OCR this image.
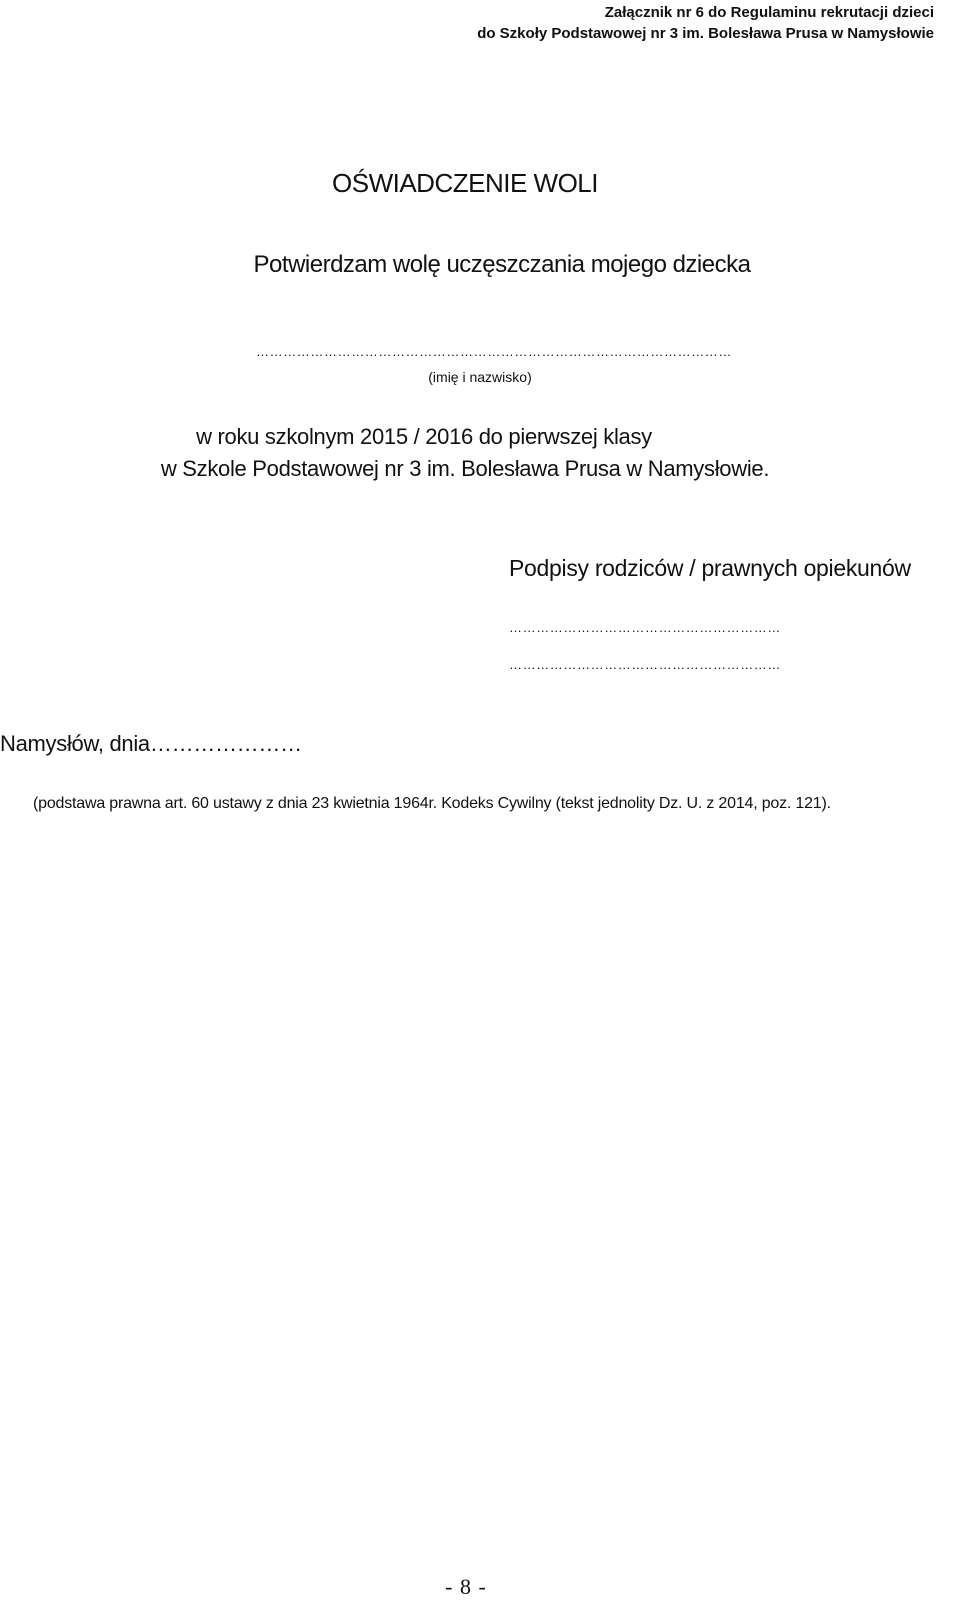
Załącznik nr 6 do Regulaminu rekrutacji dzieci
do Szkoły Podstawowej nr 3 im. Bolesława Prusa w Namysłowie
OŚWIADCZENIE WOLI
Potwierdzam wolę uczęszczania mojego dziecka
……………………………………………………………………………………………
(imię i nazwisko)
w roku szkolnym 2015 / 2016 do pierwszej klasy
w Szkole Podstawowej nr 3 im. Bolesława Prusa w Namysłowie.
Podpisy rodziców / prawnych opiekunów
……………………………………………………
……………………………………………………
Namysłów, dnia…………………
(podstawa prawna art. 60 ustawy z dnia 23 kwietnia 1964r. Kodeks Cywilny (tekst jednolity Dz. U. z 2014, poz. 121).
- 8 -
